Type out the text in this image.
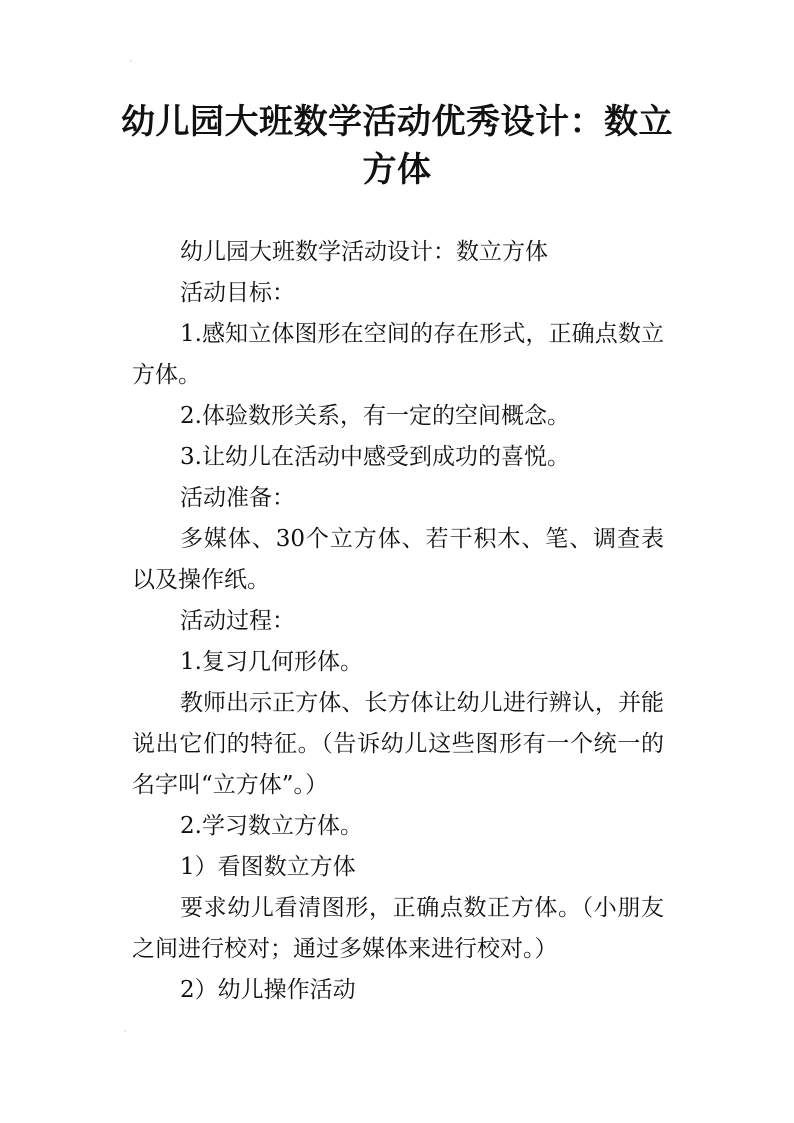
ˊ
ˊ
幼儿园大班数学活动优秀设计：数立方体

幼儿园大班数学活动设计：数立方体

活动目标：

1.感知立体图形在空间的存在形式，正确点数立方体。

2.体验数形关系，有一定的空间概念。

3.让幼儿在活动中感受到成功的喜悦。

活动准备：

多媒体、30个立方体、若干积木、笔、调查表以及操作纸。

活动过程：

1.复习几何形体。

教师出示正方体、长方体让幼儿进行辨认，并能说出它们的特征。（告诉幼儿这些图形有一个统一的名字叫“立方体”。）

2.学习数立方体。

1）看图数立方体

要求幼儿看清图形，正确点数正方体。（小朋友之间进行校对；通过多媒体来进行校对。）

2）幼儿操作活动
